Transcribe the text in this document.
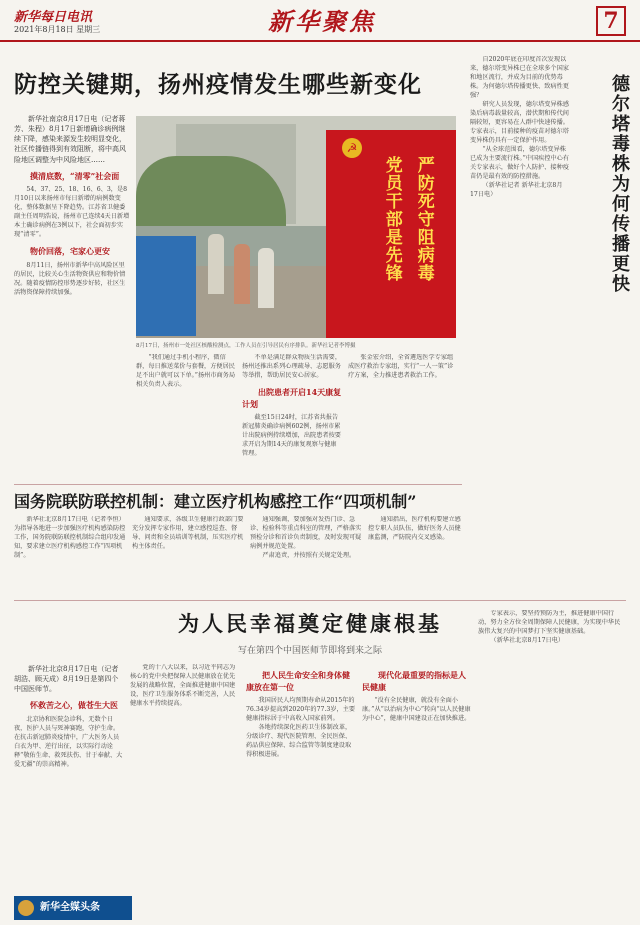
新华每日电讯
2021年8月18日 星期三	新华聚焦	7
防控关键期，扬州疫情发生哪些新变化

新华社南京8月17日电（记者蒋芳、朱程）8月17日新增确诊病例继续下降，感染来源发生较明显变化，社区传播链得到有效阻断，将中高风险地区调整为中风险地区……

摸清底数，“清零”社会面

54、37、25、18、16、6、3，是8月10日以来扬州市每日新增的病例数变化，整体数据呈下降趋势。江苏省卫健委副主任周明浩说，扬州市已连续4天日新增本土确诊病例在3例以下，社会面初步实现“清零”。

物价回落，宅家心更安

8月11日，扬州市新华中高风险区里的居民，比较关心生活物资供应和物价情况。随着疫情防控形势逐步好转，社区生活物资保障持续加强。

☭
严防死守阻病毒
党员干部是先锋
8月17日，扬州市一处社区核酸检测点，工作人员在引导居民有序排队。新华社记者李博摄

“我们通过手机小程序，微信群，每日推送菜价与套餐，方便居民足不出户就可以下单。”扬州市商务局相关负责人表示。

不单是满足群众物质生活需要，扬州还推出系列心理疏导、志愿服务等举措，帮助居民安心居家。

出院患者开启14天康复计划

截至15日24时，江苏省共报告新冠肺炎确诊病例602例，扬州市累计出院病例持续增加，出院患者按要求开启为期14天的康复观察与健康管理。

张金宏介绍，全省遴选医学专家组成医疗救治专家组，实行“一人一策”诊疗方案，全力推进患者救治工作。

自2020年底在印度首次发现以来，德尔塔变异株已在全球多个国家和地区流行，并成为目前的优势毒株。为何德尔塔传播更快、致病性更强？

研究人员发现，德尔塔变异株感染后病毒载量较高，潜伏期和传代间隔较短，更容易在人群中快速传播。专家表示，目前接种的疫苗对德尔塔变异株仍具有一定保护作用。

“从全球范围看，德尔塔变异株已成为主要流行株。”中国疾控中心有关专家表示，做好个人防护、接种疫苗仍是最有效的防控措施。

（新华社记者 新华社北京8月17日电）	德尔塔毒株为何传播更快
国务院联防联控机制：建立医疗机构感控工作“四项机制”

新华社北京8月17日电（记者李恒）为指导各地进一步加强医疗机构感染防控工作，国务院联防联控机制综合组印发通知，要求建立医疗机构感控工作“四项机制”。

通知要求，各级卫生健康行政部门要充分发挥专家作用，建立感控巡查、督导、问责和全员培训等机制，压实医疗机构主体责任。

通知强调，要加强对发热门诊、急诊、检验科等重点科室的管理，严格落实预检分诊和首诊负责制度，及时发现可疑病例并规范处置。

严肃追责，并按照有关规定处理。

通知指出，医疗机构要建立感控专职人员队伍，做好医务人员健康监测，严防院内交叉感染。

为人民幸福奠定健康根基
写在第四个中国医师节即将到来之际

新华社北京8月17日电（记者胡浩、顾天成）8月19日是第四个中国医师节。

怀救苦之心，做苍生大医

北京协和医院急诊科，无数个日夜，医护人员与死神赛跑，守护生命。在抗击新冠肺炎疫情中，广大医务人员白衣为甲、逆行出征，以实际行动诠释“敬佑生命、救死扶伤、甘于奉献、大爱无疆”的崇高精神。

党的十八大以来，以习近平同志为核心的党中央把保障人民健康放在优先发展的战略位置，全面推进健康中国建设，医疗卫生服务体系不断完善，人民健康水平持续提高。

把人民生命安全和身体健康放在第一位

我国居民人均预期寿命从2015年的76.34岁提高到2020年的77.3岁，主要健康指标居于中高收入国家前列。

各地持续深化医药卫生体制改革，分级诊疗、现代医院管理、全民医保、药品供应保障、综合监管等制度建设取得积极进展。

现代化最重要的指标是人民健康

“没有全民健康，就没有全面小康。”从“以治病为中心”转向“以人民健康为中心”，健康中国建设正在加快推进。

专家表示，要坚持预防为主，推进健康中国行动，努力全方位全周期保障人民健康，为实现中华民族伟大复兴的中国梦打下坚实健康基础。

（新华社北京8月17日电）

新华全媒头条
